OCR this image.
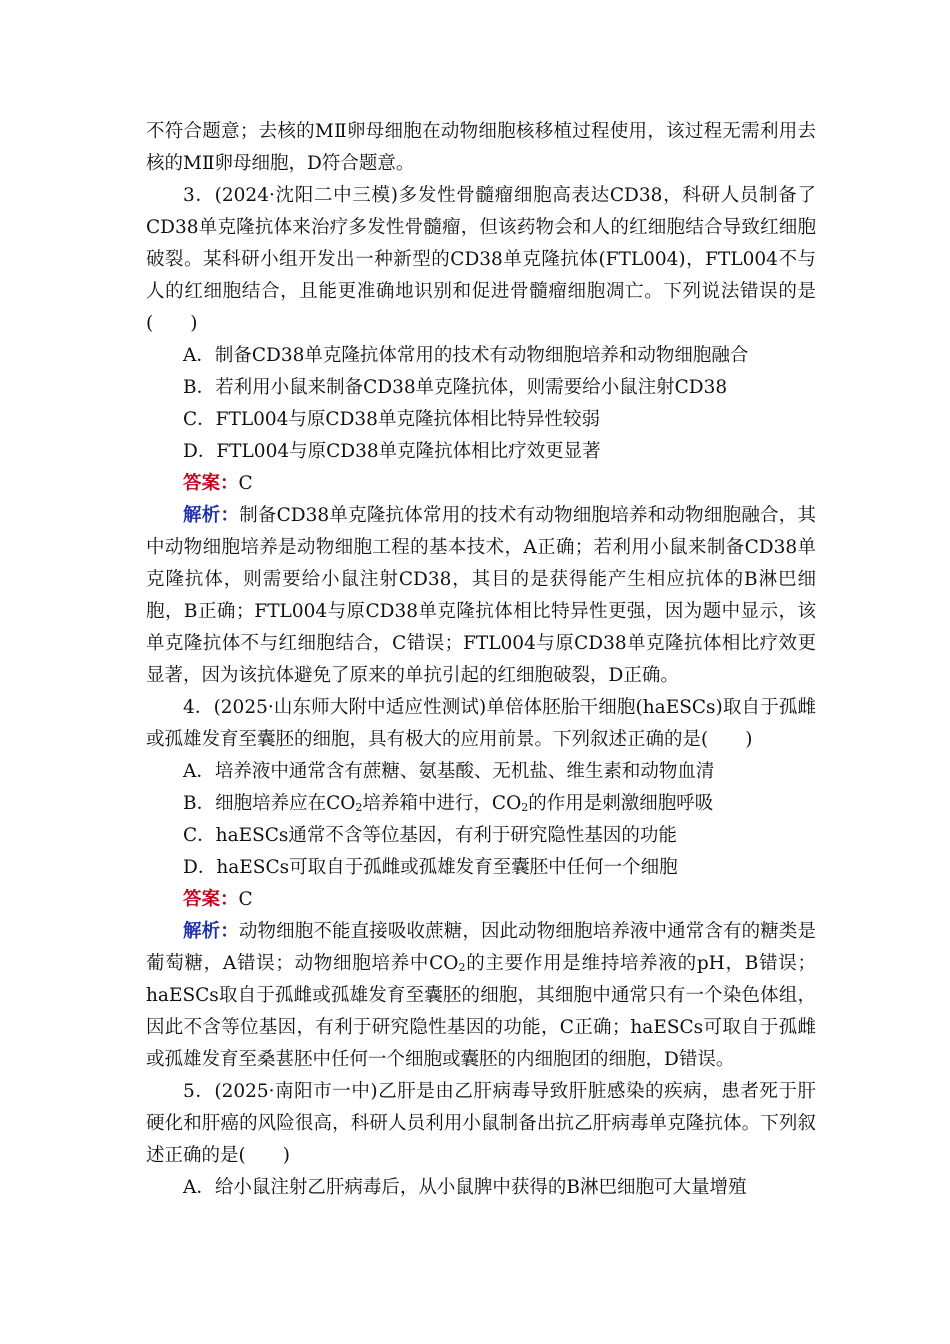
不符合题意；去核的MⅡ卵母细胞在动物细胞核移植过程使用，该过程无需利用去核的MⅡ卵母细胞，D符合题意。

3．(2024·沈阳二中三模)多发性骨髓瘤细胞高表达CD38，科研人员制备了CD38单克隆抗体来治疗多发性骨髓瘤，但该药物会和人的红细胞结合导致红细胞破裂。某科研小组开发出一种新型的CD38单克隆抗体(FTL004)，FTL004不与人的红细胞结合，且能更准确地识别和促进骨髓瘤细胞凋亡。下列说法错误的是(　　)

A．制备CD38单克隆抗体常用的技术有动物细胞培养和动物细胞融合

B．若利用小鼠来制备CD38单克隆抗体，则需要给小鼠注射CD38

C．FTL004与原CD38单克隆抗体相比特异性较弱

D．FTL004与原CD38单克隆抗体相比疗效更显著

答案：C

解析：制备CD38单克隆抗体常用的技术有动物细胞培养和动物细胞融合，其中动物细胞培养是动物细胞工程的基本技术，A正确；若利用小鼠来制备CD38单克隆抗体，则需要给小鼠注射CD38，其目的是获得能产生相应抗体的B淋巴细胞，B正确；FTL004与原CD38单克隆抗体相比特异性更强，因为题中显示，该单克隆抗体不与红细胞结合，C错误；FTL004与原CD38单克隆抗体相比疗效更显著，因为该抗体避免了原来的单抗引起的红细胞破裂，D正确。

4．(2025·山东师大附中适应性测试)单倍体胚胎干细胞(haESCs)取自于孤雌或孤雄发育至囊胚的细胞，具有极大的应用前景。下列叙述正确的是(　　)

A．培养液中通常含有蔗糖、氨基酸、无机盐、维生素和动物血清

B．细胞培养应在$CO_2$培养箱中进行，$CO_2$的作用是刺激细胞呼吸

C．haESCs通常不含等位基因，有利于研究隐性基因的功能

D．haESCs可取自于孤雌或孤雄发育至囊胚中任何一个细胞

答案：C

解析：动物细胞不能直接吸收蔗糖，因此动物细胞培养液中通常含有的糖类是葡萄糖，A错误；动物细胞培养中$CO_2$的主要作用是维持培养液的pH，B错误；haESCs取自于孤雌或孤雄发育至囊胚的细胞，其细胞中通常只有一个染色体组，因此不含等位基因，有利于研究隐性基因的功能，C正确；haESCs可取自于孤雌或孤雄发育至桑葚胚中任何一个细胞或囊胚的内细胞团的细胞，D错误。

5．(2025·南阳市一中)乙肝是由乙肝病毒导致肝脏感染的疾病，患者死于肝硬化和肝癌的风险很高，科研人员利用小鼠制备出抗乙肝病毒单克隆抗体。下列叙述正确的是(　　)

A．给小鼠注射乙肝病毒后，从小鼠脾中获得的B淋巴细胞可大量增殖
